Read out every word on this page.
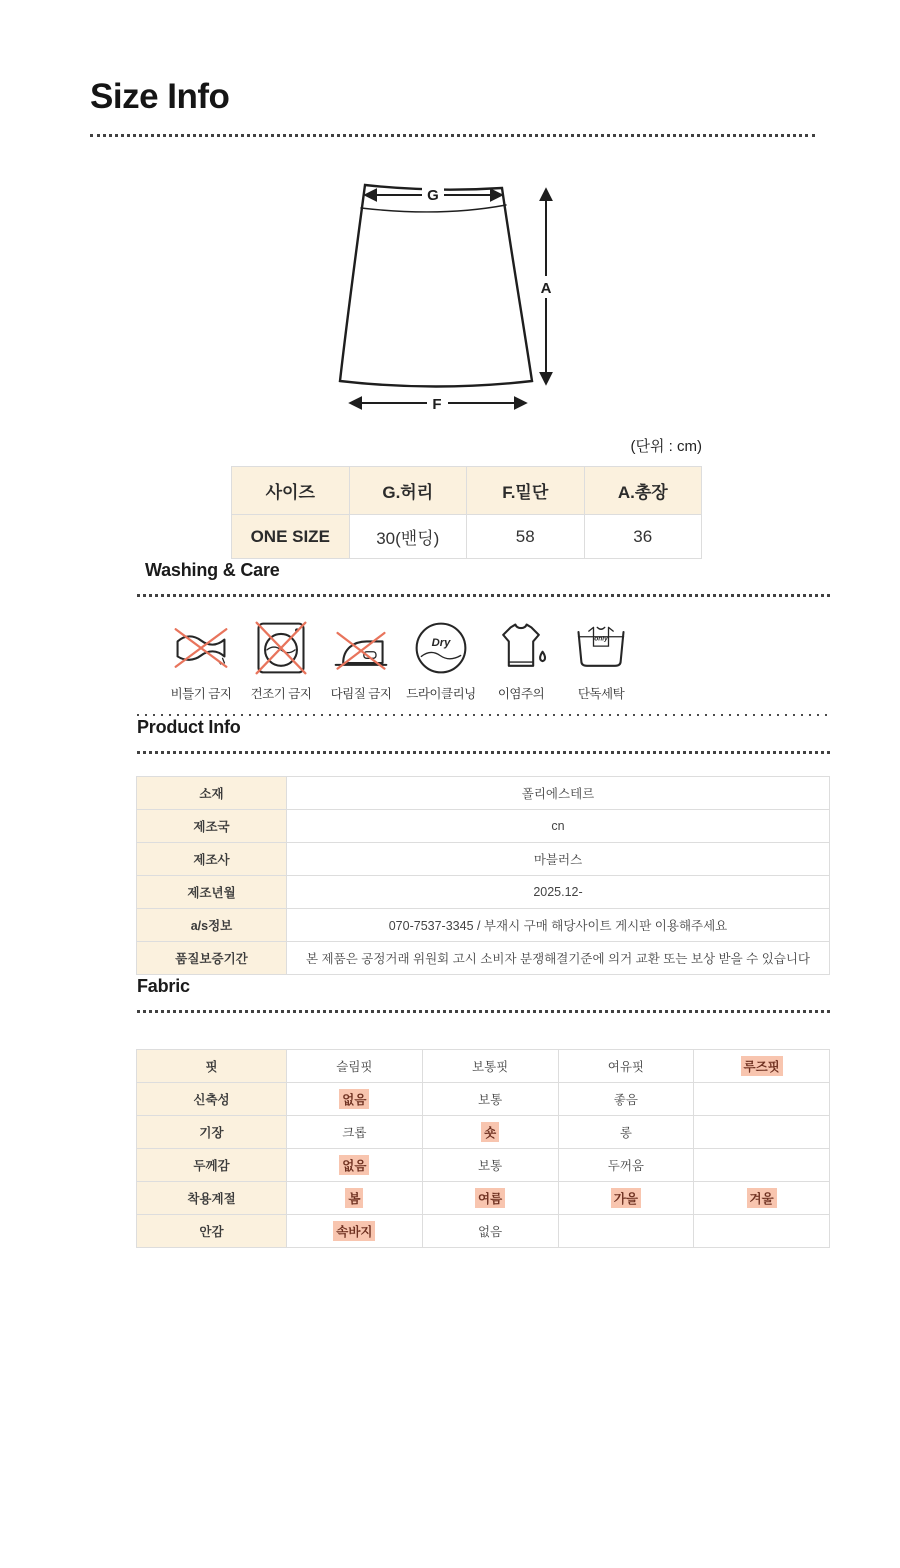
Size Info
G
A
F
(단위 : cm)
사이즈	G.허리	F.밑단	A.총장
ONE SIZE	30(밴딩)	58	36
Washing & Care
비틀기 금지	건조기 금지	다림질 금지
Dry
드라이클리닝	이염주의
only
단독세탁
Product Info
소재	폴리에스테르
제조국	cn
제조사	마블러스
제조년월	2025.12-
a/s정보	070-7537-3345 / 부재시 구매 해당사이트 게시판 이용해주세요
품질보증기간	본 제품은 공정거래 위원회 고시 소비자 분쟁해결기준에 의거 교환 또는 보상 받을 수 있습니다
Fabric
핏	슬림핏	보통핏	여유핏	루즈핏
신축성	없음	보통	좋음	
기장	크롭	숏	롱	
두께감	없음	보통	두꺼움	
착용계절	봄	여름	가을	겨울
안감	속바지	없음		
